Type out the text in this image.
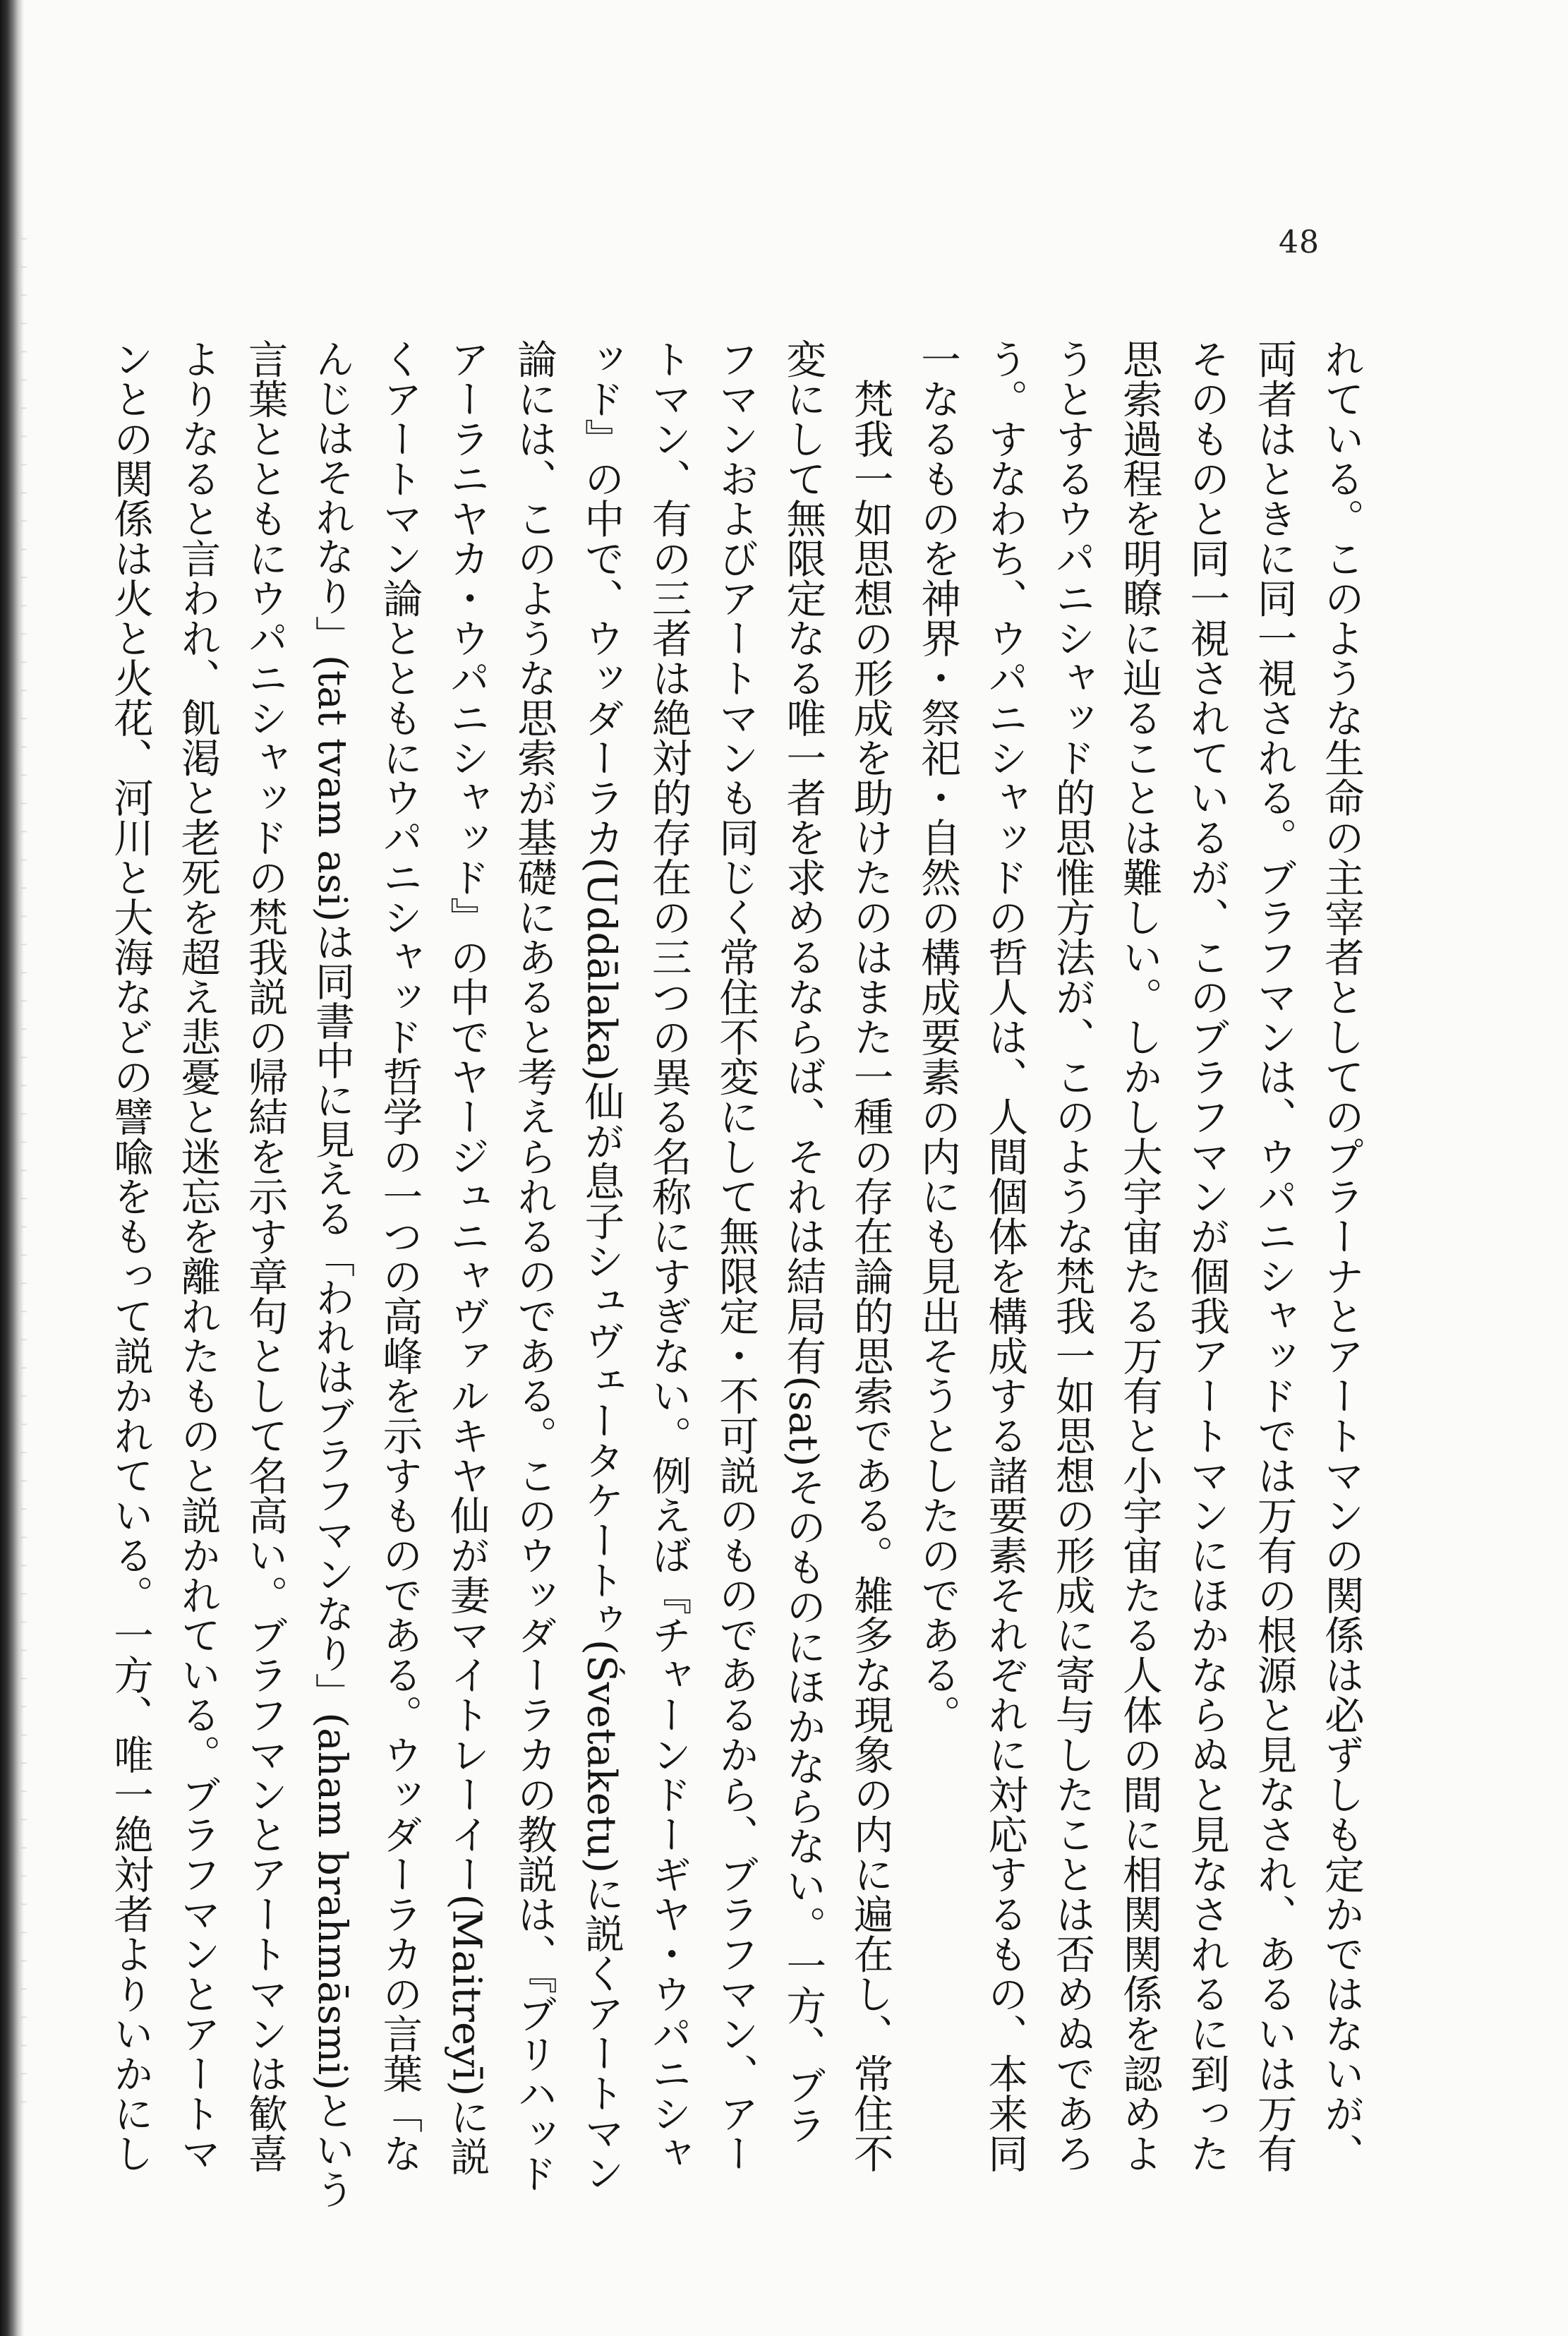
48
れている。このような生命の主宰者としてのプラーナとアートマンの関係は必ずしも定かではないが、
両者はときに同一視される。ブラフマンは、ウパニシャッドでは万有の根源と見なされ、あるいは万有
そのものと同一視されているが、このブラフマンが個我アートマンにほかならぬと見なされるに到った
思索過程を明瞭に辿ることは難しい。しかし大宇宙たる万有と小宇宙たる人体の間に相関関係を認めよ
うとするウパニシャッド的思惟方法が、このような梵我一如思想の形成に寄与したことは否めぬであろ
う。すなわち、ウパニシャッドの哲人は、人間個体を構成する諸要素それぞれに対応するもの、本来同
一なるものを神界・祭祀・自然の構成要素の内にも見出そうとしたのである。
　梵我一如思想の形成を助けたのはまた一種の存在論的思索である。雑多な現象の内に遍在し、常住不
変にして無限定なる唯一者を求めるならば、それは結局有(sat)そのものにほかならない。一方、ブラ
フマンおよびアートマンも同じく常住不変にして無限定・不可説のものであるから、ブラフマン、アー
トマン、有の三者は絶対的存在の三つの異る名称にすぎない。例えば『チャーンドーギヤ・ウパニシャ
ッド』の中で、ウッダーラカ(Uddālaka)仙が息子シュヴェータケートゥ(Śvetaketu)に説くアートマン
論には、このような思索が基礎にあると考えられるのである。このウッダーラカの教説は、『ブリハッド
アーラニヤカ・ウパニシャッド』の中でヤージュニャヴァルキヤ仙が妻マイトレーイー(Maitreyī)に説
くアートマン論とともにウパニシャッド哲学の一つの高峰を示すものである。ウッダーラカの言葉「な
んじはそれなり」(tat tvam asi)は同書中に見える「われはブラフマンなり」(aham brahmāsmi)という
言葉とともにウパニシャッドの梵我説の帰結を示す章句として名高い。ブラフマンとアートマンは歓喜
よりなると言われ、飢渇と老死を超え悲憂と迷忘を離れたものと説かれている。ブラフマンとアートマ
ンとの関係は火と火花、河川と大海などの譬喩をもって説かれている。一方、唯一絶対者よりいかにし
